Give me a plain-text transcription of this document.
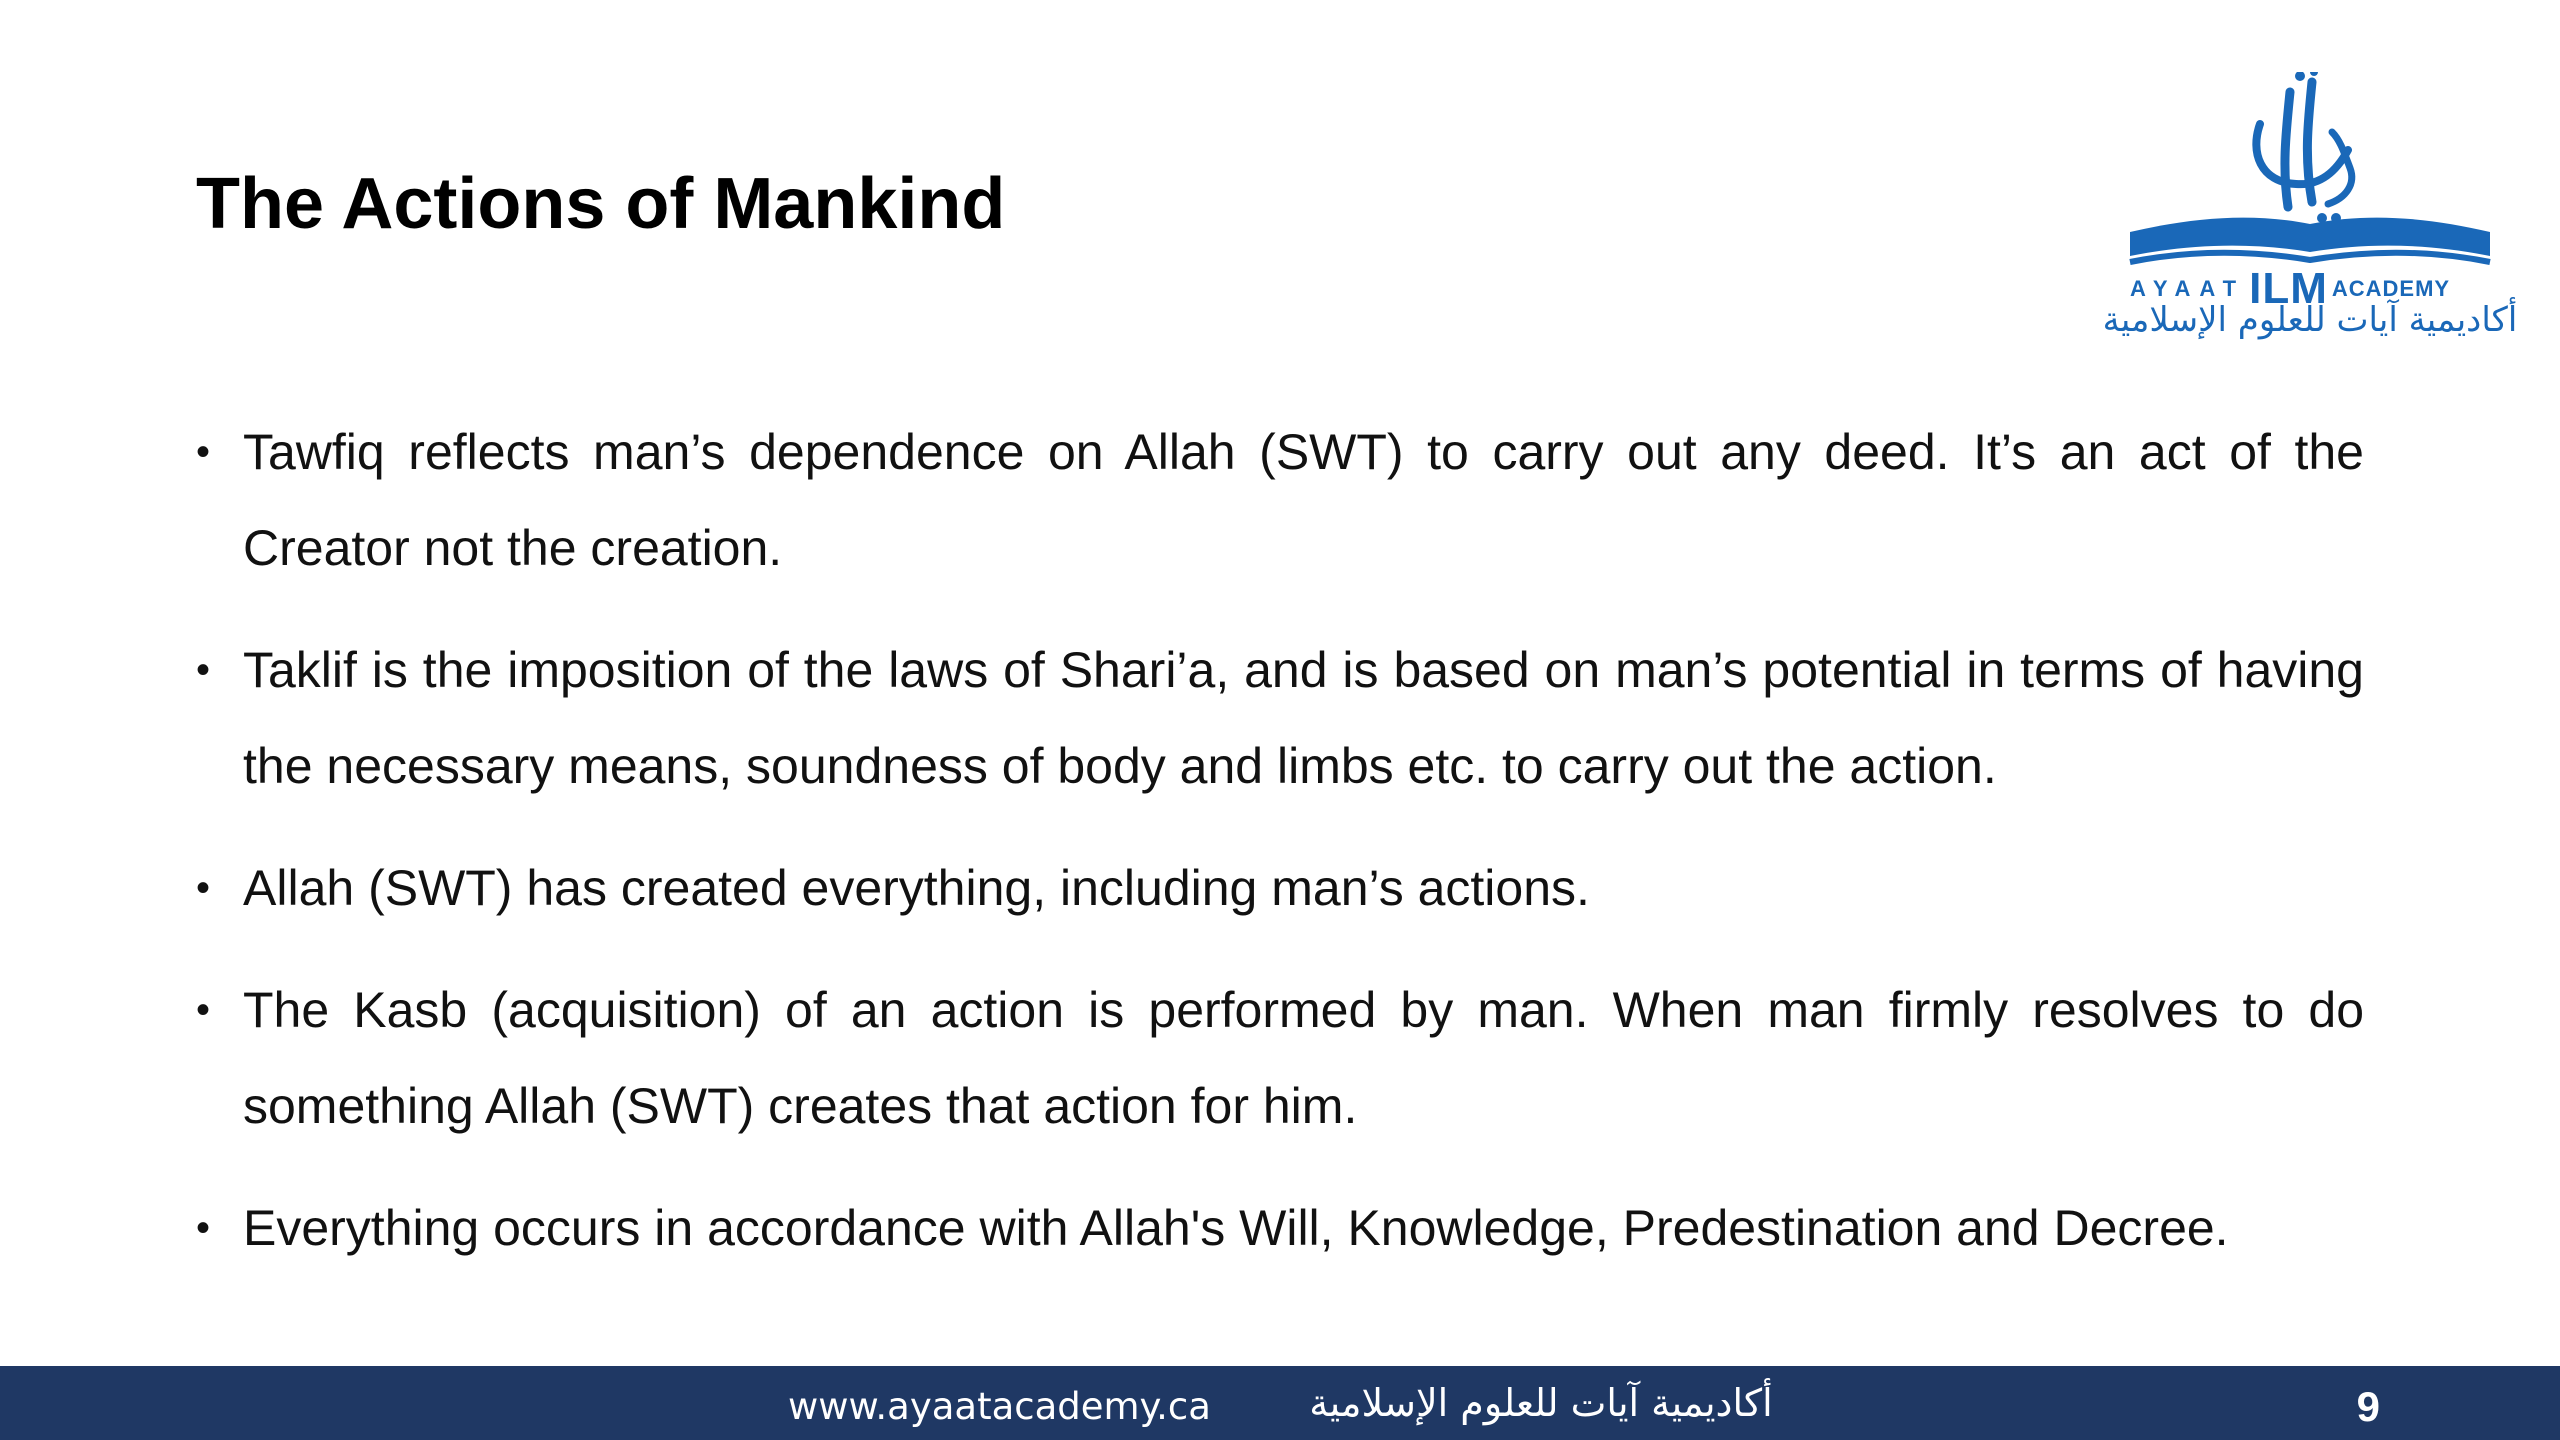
The Actions of Mankind
AYAATILM ACADEMY
أكاديمية آيات للعلوم الإسلامية
• Tawfiq reflects man’s dependence on Allah (SWT) to carry out any deed. It’s an act of the Creator not the creation.
• Taklif is the imposition of the laws of Shari’a, and is based on man’s potential in terms of having the necessary means, soundness of body and limbs etc. to carry out the action.
• Allah (SWT) has created everything, including man’s actions.
• The Kasb (acquisition) of an action is performed by man. When man firmly resolves to do something Allah (SWT) creates that action for him.
• Everything occurs in accordance with Allah's Will, Knowledge, Predestination and Decree.
www.ayaatacademy.ca	أكاديمية آيات للعلوم الإسلامية	9
